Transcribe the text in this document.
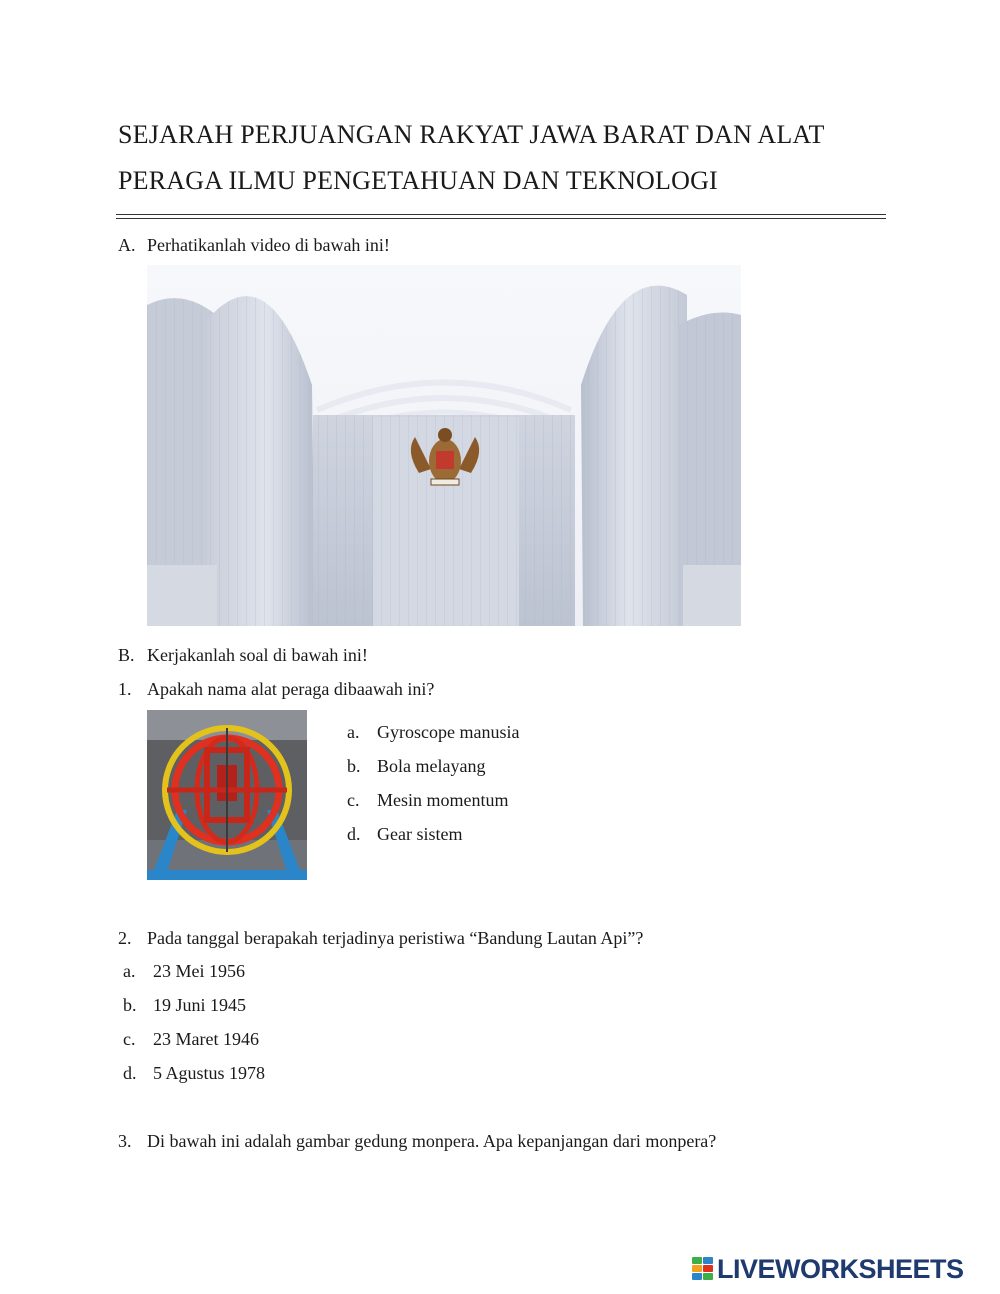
SEJARAH PERJUANGAN RAKYAT JAWA BARAT DAN ALAT
PERAGA ILMU PENGETAHUAN DAN TEKNOLOGI
A. Perhatikanlah video di bawah ini!
B. Kerjakanlah soal di bawah ini!
1. Apakah nama alat peraga dibaawah ini?
a. Gyroscope manusia
b. Bola melayang
c. Mesin momentum
d. Gear sistem
2. Pada tanggal berapakah terjadinya peristiwa “Bandung Lautan Api”?
a. 23 Mei 1956
b. 19 Juni 1945
c. 23 Maret 1946
d. 5 Agustus 1978
3. Di bawah ini adalah gambar gedung monpera. Apa kepanjangan dari monpera?
LIVEWORKSHEETS
